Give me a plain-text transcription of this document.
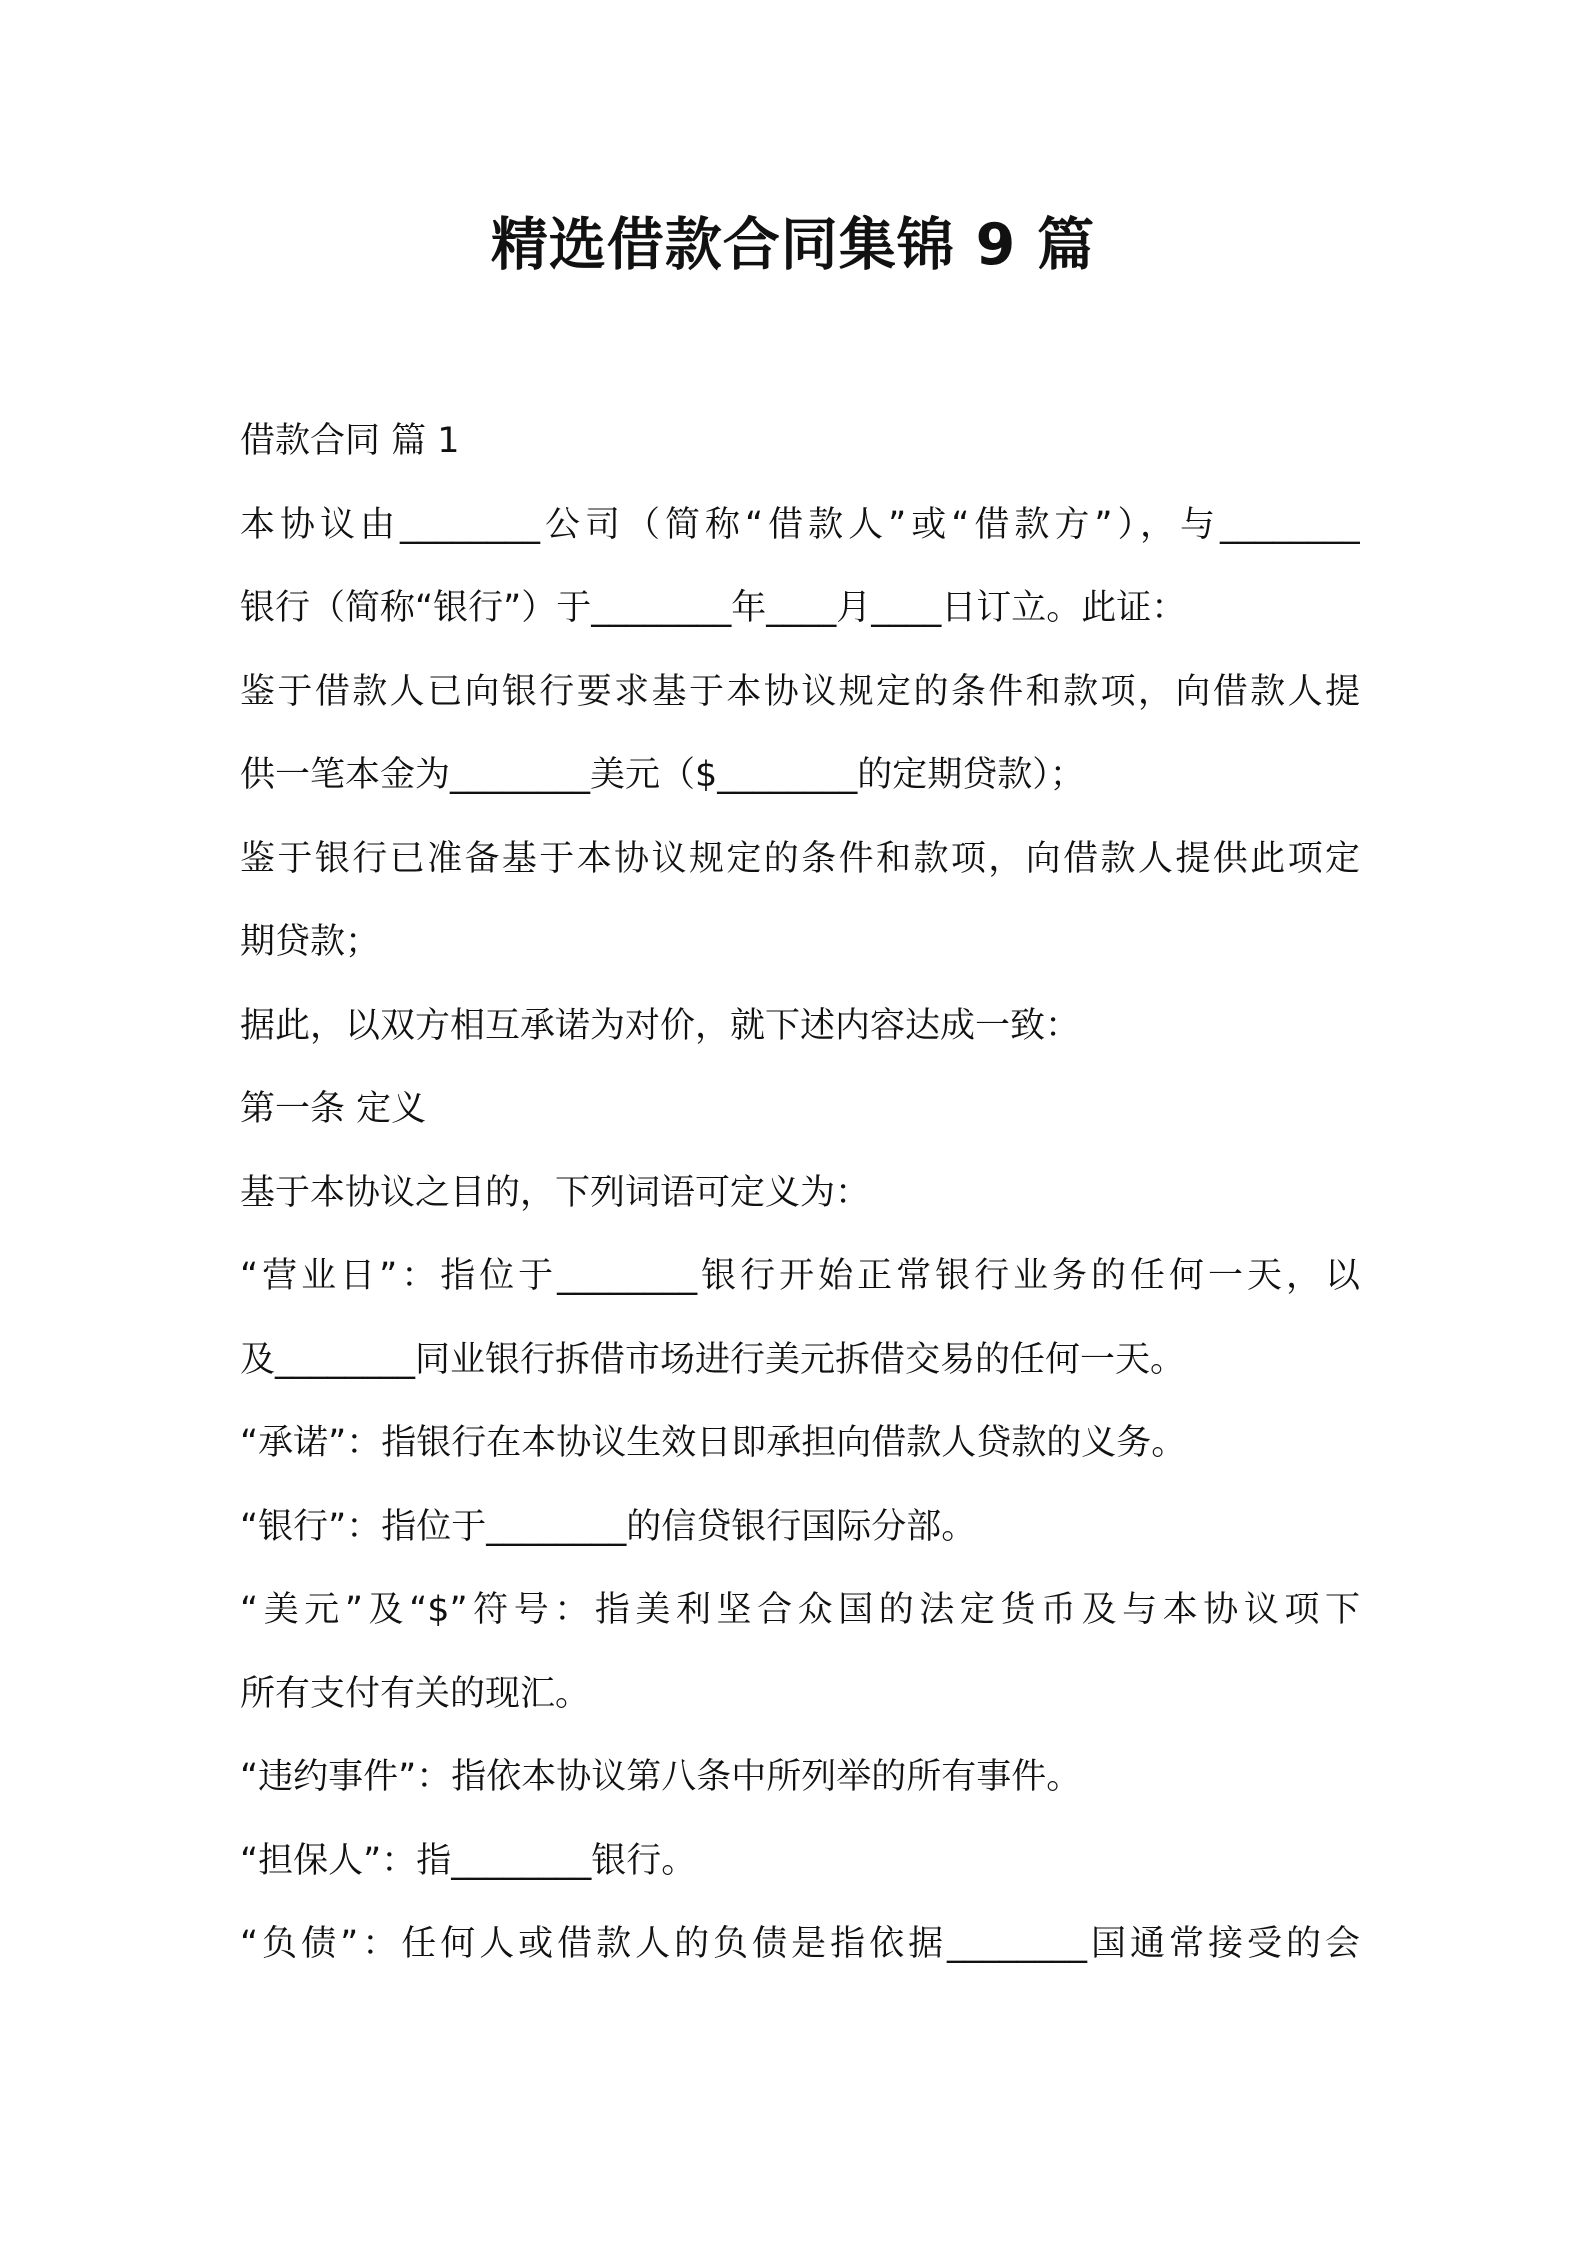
精选借款合同集锦 9 篇
借款合同 篇 1
本协议由________公司（简称“借款人”或“借款方”），与________
银行（简称“银行”）于________年____月____日订立。此证：
鉴于借款人已向银行要求基于本协议规定的条件和款项，向借款人提
供一笔本金为________美元（$________的定期贷款）；
鉴于银行已准备基于本协议规定的条件和款项，向借款人提供此项定
期贷款；
据此，以双方相互承诺为对价，就下述内容达成一致：
第一条 定义
基于本协议之目的，下列词语可定义为：
“营业日”：指位于________银行开始正常银行业务的任何一天，以
及________同业银行拆借市场进行美元拆借交易的任何一天。
“承诺”：指银行在本协议生效日即承担向借款人贷款的义务。
“银行”：指位于________的信贷银行国际分部。
“美元”及“$”符号：指美利坚合众国的法定货币及与本协议项下
所有支付有关的现汇。
“违约事件”：指依本协议第八条中所列举的所有事件。
“担保人”：指________银行。
“负债”：任何人或借款人的负债是指依据________国通常接受的会
